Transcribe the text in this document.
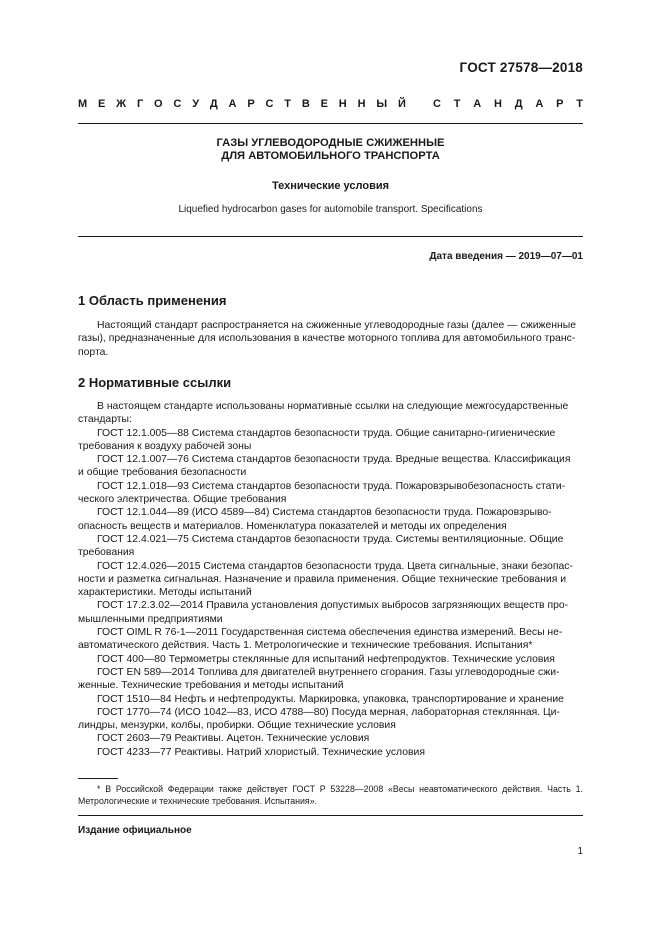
ГОСТ 27578—2018
М Е Ж Г О С У Д А Р С Т В Е Н Н Ы Й С Т А Н Д А Р Т
ГАЗЫ УГЛЕВОДОРОДНЫЕ СЖИЖЕННЫЕ
ДЛЯ АВТОМОБИЛЬНОГО ТРАНСПОРТА
Технические условия
Liquefied hydrocarbon gases for automobile transport. Specifications
Дата введения — 2019—07—01
1 Область применения
Настоящий стандарт распространяется на сжиженные углеводородные газы (далее — сжиженные
газы), предназначенные для использования в качестве моторного топлива для автомобильного транс-
порта.
2 Нормативные ссылки
В настоящем стандарте использованы нормативные ссылки на следующие межгосударственные
стандарты:
ГОСТ 12.1.005—88 Система стандартов безопасности труда. Общие санитарно-гигиенические
требования к воздуху рабочей зоны
ГОСТ 12.1.007—76 Система стандартов безопасности труда. Вредные вещества. Классификация
и общие требования безопасности
ГОСТ 12.1.018—93 Система стандартов безопасности труда. Пожаровзрывобезопасность стати-
ческого электричества. Общие требования
ГОСТ 12.1.044—89 (ИСО 4589—84) Система стандартов безопасности труда. Пожаровзрыво-
опасность веществ и материалов. Номенклатура показателей и методы их определения
ГОСТ 12.4.021—75 Система стандартов безопасности труда. Системы вентиляционные. Общие
требования
ГОСТ 12.4.026—2015 Система стандартов безопасности труда. Цвета сигнальные, знаки безопас-
ности и разметка сигнальная. Назначение и правила применения. Общие технические требования и
характеристики. Методы испытаний
ГОСТ 17.2.3.02—2014 Правила установления допустимых выбросов загрязняющих веществ про-
мышленными предприятиями
ГОСТ OIML R 76-1—2011 Государственная система обеспечения единства измерений. Весы не-
автоматического действия. Часть 1. Метрологические и технические требования. Испытания*
ГОСТ 400—80 Термометры стеклянные для испытаний нефтепродуктов. Технические условия
ГОСТ EN 589—2014 Топлива для двигателей внутреннего сгорания. Газы углеводородные сжи-
женные. Технические требования и методы испытаний
ГОСТ 1510—84 Нефть и нефтепродукты. Маркировка, упаковка, транспортирование и хранение
ГОСТ 1770—74 (ИСО 1042—83, ИСО 4788—80) Посуда мерная, лабораторная стеклянная. Ци-
линдры, мензурки, колбы, пробирки. Общие технические условия
ГОСТ 2603—79 Реактивы. Ацетон. Технические условия
ГОСТ 4233—77 Реактивы. Натрий хлористый. Технические условия
* В Российской Федерации также действует ГОСТ Р 53228—2008 «Весы неавтоматического действия. Часть 1. Метрологические и технические требования. Испытания».
Издание официальное
1
